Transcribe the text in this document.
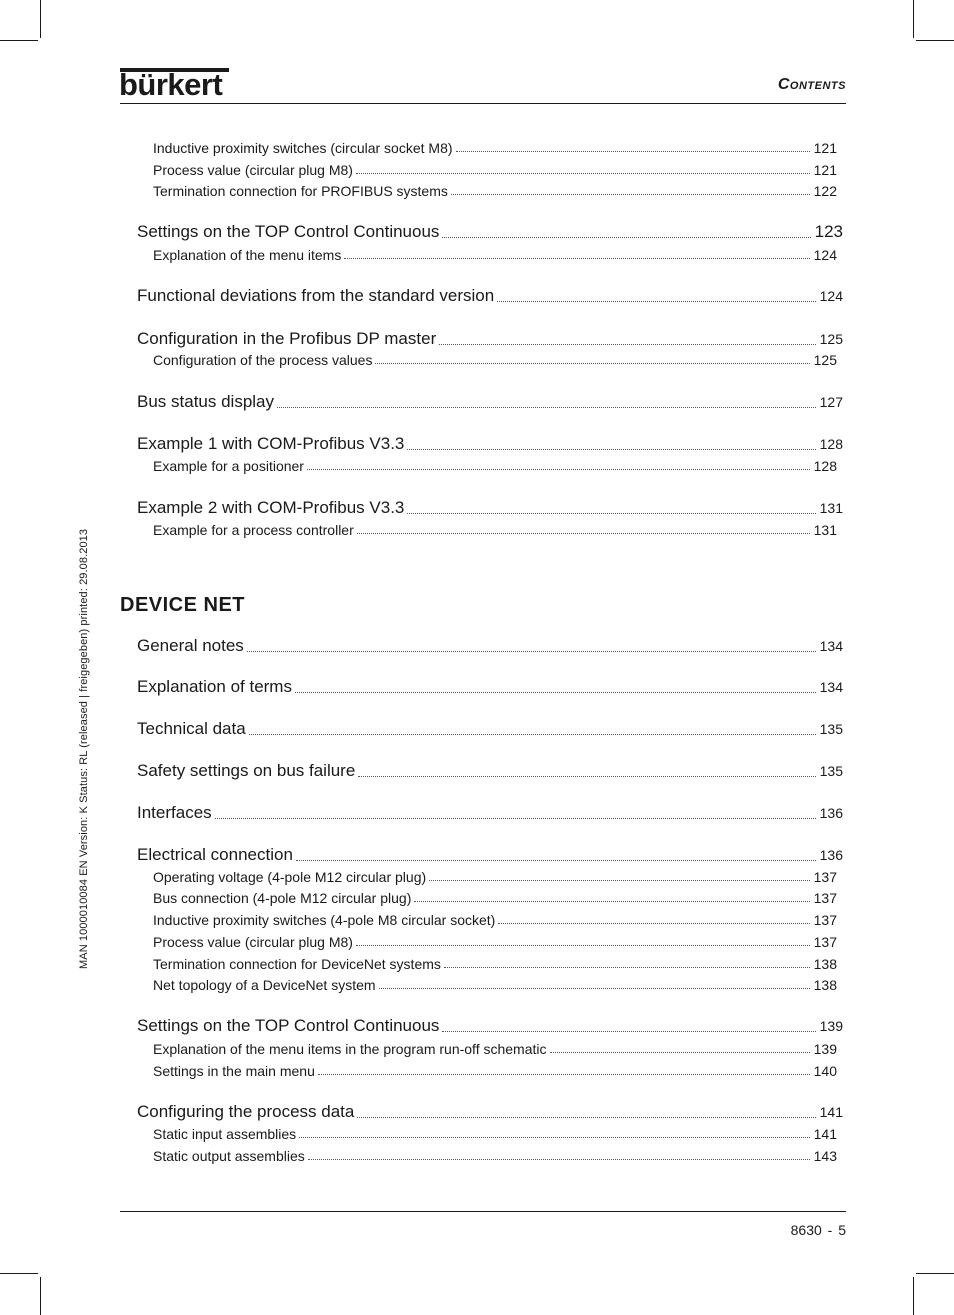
bürkert	Contents
MAN 1000010084 EN Version: K Status: RL (released | freigegeben) printed: 29.08.2013
Inductive proximity switches (circular socket M8)	121
Process value (circular plug M8)	121
Termination connection for PROFIBUS systems	122
Settings on the TOP Control Continuous	123
Explanation of the menu items	124
Functional deviations from the standard version	124
Configuration in the Profibus DP master	125
Configuration of the process values	125
Bus status display	127
Example 1 with COM-Profibus V3.3	128
Example for a positioner	128
Example 2 with COM-Profibus V3.3	131
Example for a process controller	131
General notes	134
Explanation of terms	134
Technical data	135
Safety settings on bus failure	135
Interfaces	136
Electrical connection	136
Operating voltage (4-pole M12 circular plug)	137
Bus connection (4-pole M12 circular plug)	137
Inductive proximity switches (4-pole M8 circular socket)	137
Process value (circular plug M8)	137
Termination connection for DeviceNet systems	138
Net topology of a DeviceNet system	138
Settings on the TOP Control Continuous	139
Explanation of the menu items in the program run-off schematic	139
Settings in the main menu	140
Configuring the process data	141
Static input assemblies	141
Static output assemblies	143
DEVICE NET
8630 - 5
